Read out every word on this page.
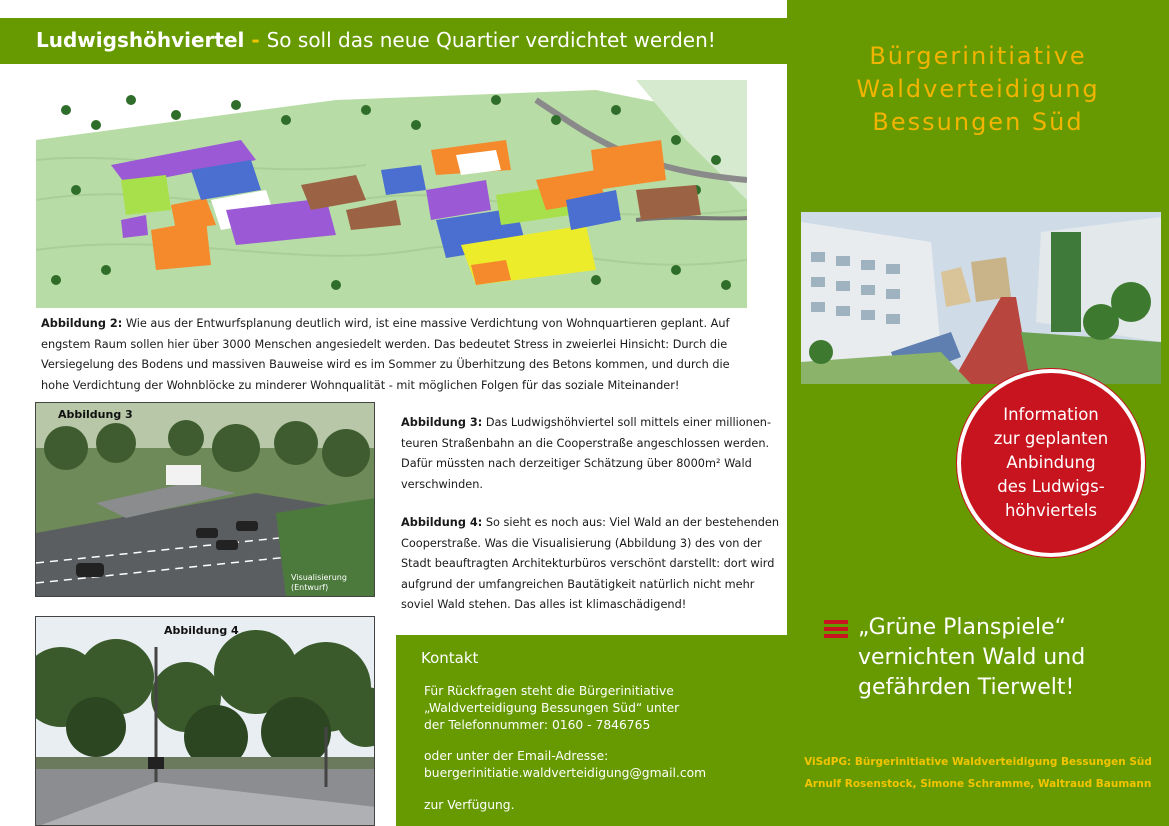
Ludwigshöhviertel - So soll das neue Quartier verdichtet werden!
Bürgerinitiative
Waldverteidigung
Bessungen Süd
Abbildung 2: Wie aus der Entwurfsplanung deutlich wird, ist eine massive Verdichtung von Wohnquartieren geplant. Auf engstem Raum sollen hier über 3000 Menschen angesiedelt werden. Das bedeutet Stress in zweierlei Hinsicht: Durch die Versiegelung des Bodens und massiven Bauweise wird es im Sommer zu Überhitzung des Betons kommen, und durch die hohe Verdichtung der Wohnblöcke zu minderer Wohnqualität - mit möglichen Folgen für das soziale Miteinander!
Abbildung 3
Visualisierung
(Entwurf)
Abbildung 3: Das Ludwigshöhviertel soll mittels einer millionen-teuren Straßenbahn an die Cooperstraße angeschlossen werden. Dafür müssten nach derzeitiger Schätzung über 8000m² Wald verschwinden.
Abbildung 4: So sieht es noch aus: Viel Wald an der bestehenden Cooperstraße. Was die Visualisierung (Abbildung 3) des von der Stadt beauftragten Architekturbüros verschönt darstellt: dort wird aufgrund der umfangreichen Bautätigkeit natürlich nicht mehr soviel Wald stehen. Das alles ist klimaschädigend!
Abbildung 4
Information
zur geplanten
Anbindung
des Ludwigs-
höhviertels
„Grüne Planspiele“
vernichten Wald und
gefährden Tierwelt!
ViSdPG: Bürgerinitiative Waldverteidigung Bessungen Süd
Arnulf Rosenstock, Simone Schramme, Waltraud Baumann
Kontakt
Für Rückfragen steht die Bürgerinitiative
„Waldverteidigung Bessungen Süd“ unter
der Telefonnummer: 0160 - 7846765
oder unter der Email-Adresse:
buergerinitiatie.waldverteidigung@gmail.com
zur Verfügung.
